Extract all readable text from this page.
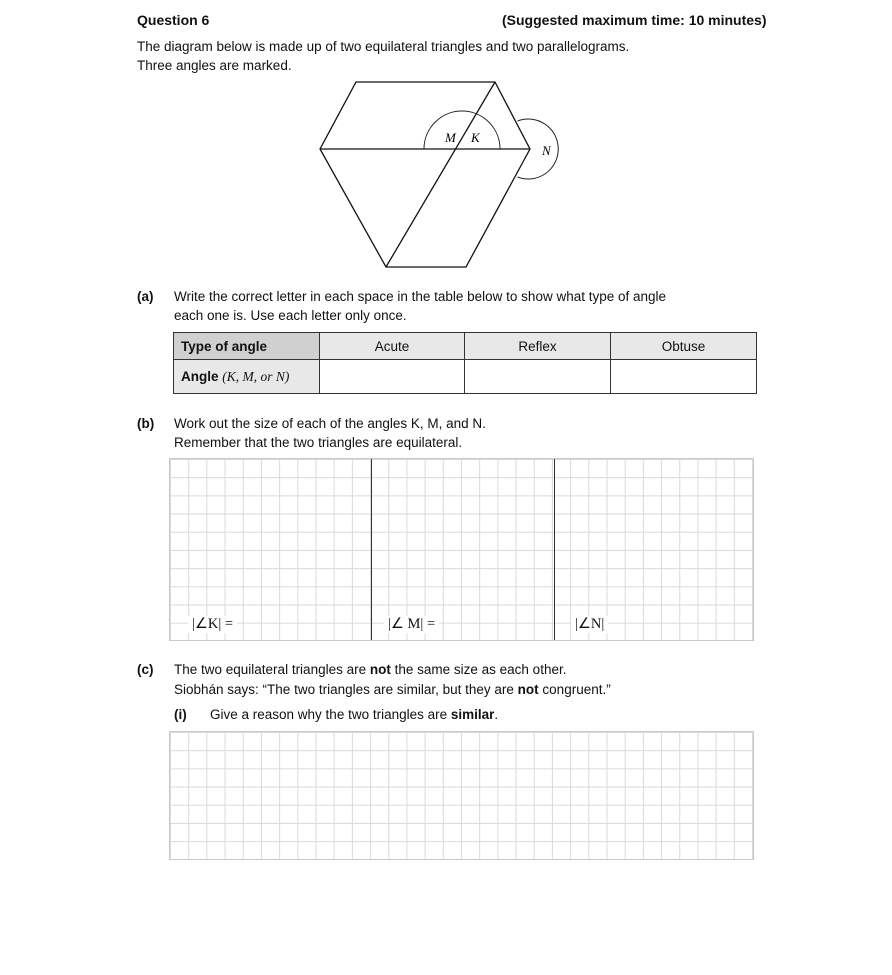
Question 6	(Suggested maximum time: 10 minutes)
The diagram below is made up of two equilateral triangles and two parallelograms.
Three angles are marked.
M K
N
(a) Write the correct letter in each space in the table below to show what type of angle
each one is. Use each letter only once.
Type of angle	Acute	Reflex	Obtuse
Angle (K, M, or N)			
(b) Work out the size of each of the angles K, M, and N.
Remember that the two triangles are equilateral.
|∠K| =	|∠ M| =	|∠N|
(c) The two equilateral triangles are not the same size as each other.
Siobhán says: “The two triangles are similar, but they are not congruent.”
(i) Give a reason why the two triangles are similar.
